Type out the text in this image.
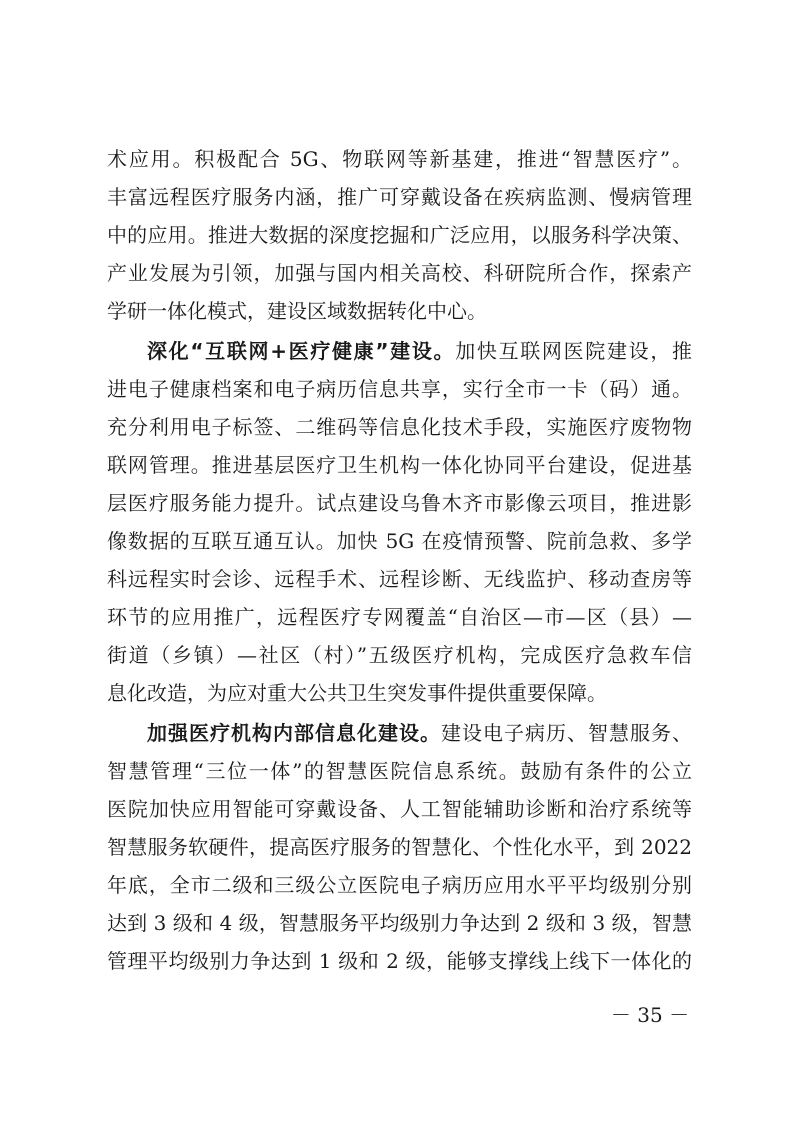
术应用。积极配合 5G、物联网等新基建，推进“智慧医疗”。
丰富远程医疗服务内涵，推广可穿戴设备在疾病监测、慢病管理
中的应用。推进大数据的深度挖掘和广泛应用，以服务科学决策、
产业发展为引领，加强与国内相关高校、科研院所合作，探索产
学研一体化模式，建设区域数据转化中心。
深化“互联网+医疗健康”建设。加快互联网医院建设，推
进电子健康档案和电子病历信息共享，实行全市一卡（码）通。
充分利用电子标签、二维码等信息化技术手段，实施医疗废物物
联网管理。推进基层医疗卫生机构一体化协同平台建设，促进基
层医疗服务能力提升。试点建设乌鲁木齐市影像云项目，推进影
像数据的互联互通互认。加快 5G 在疫情预警、院前急救、多学
科远程实时会诊、远程手术、远程诊断、无线监护、移动查房等
环节的应用推广，远程医疗专网覆盖“自治区—市—区（县）—
街道（乡镇）—社区（村）”五级医疗机构，完成医疗急救车信
息化改造，为应对重大公共卫生突发事件提供重要保障。
加强医疗机构内部信息化建设。建设电子病历、智慧服务、
智慧管理“三位一体”的智慧医院信息系统。鼓励有条件的公立
医院加快应用智能可穿戴设备、人工智能辅助诊断和治疗系统等
智慧服务软硬件，提高医疗服务的智慧化、个性化水平，到 2022
年底，全市二级和三级公立医院电子病历应用水平平均级别分别
达到 3 级和 4 级，智慧服务平均级别力争达到 2 级和 3 级，智慧
管理平均级别力争达到 1 级和 2 级，能够支撑线上线下一体化的
－ 35 －
